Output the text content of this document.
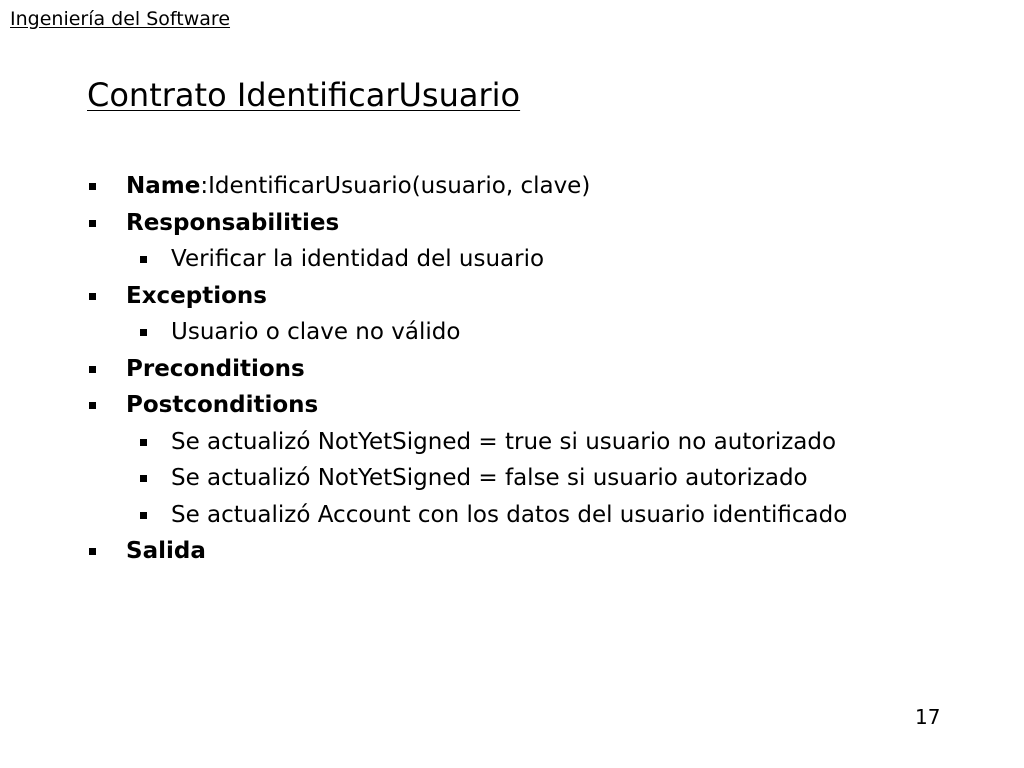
Ingeniería del Software
Contrato IdentificarUsuario
Name:IdentificarUsuario(usuario, clave)
Responsabilities
Verificar la identidad del usuario
Exceptions
Usuario o clave no válido
Preconditions
Postconditions
Se actualizó NotYetSigned = true si usuario no autorizado
Se actualizó NotYetSigned = false si usuario autorizado
Se actualizó Account con los datos del usuario identificado
Salida
17
